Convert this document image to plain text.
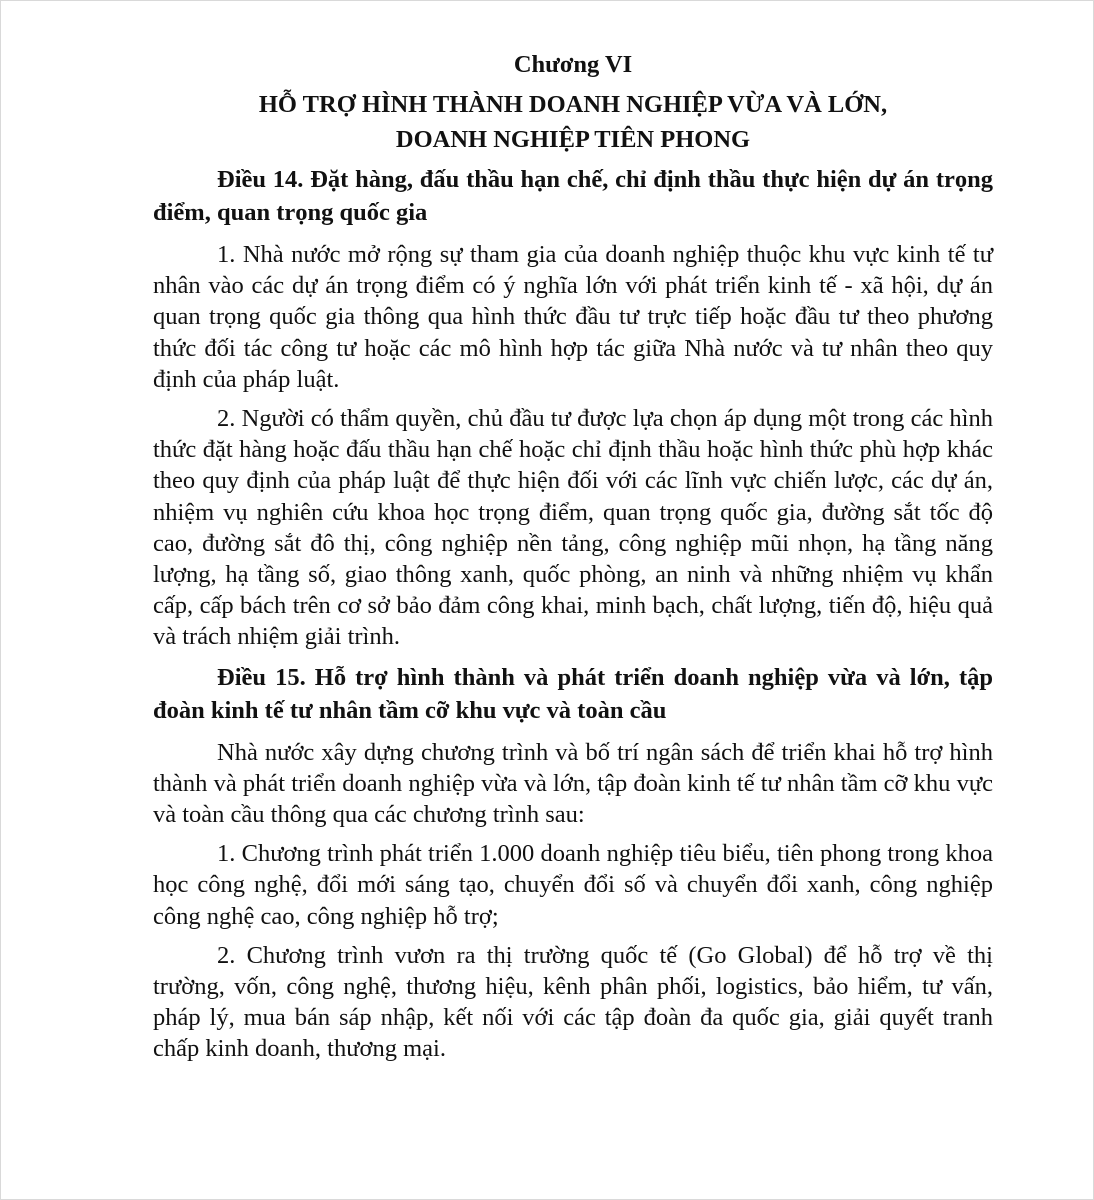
Chương VI

HỖ TRỢ HÌNH THÀNH DOANH NGHIỆP VỪA VÀ LỚN,
DOANH NGHIỆP TIÊN PHONG

Điều 14. Đặt hàng, đấu thầu hạn chế, chỉ định thầu thực hiện dự án trọng điểm, quan trọng quốc gia

1. Nhà nước mở rộng sự tham gia của doanh nghiệp thuộc khu vực kinh tế tư nhân vào các dự án trọng điểm có ý nghĩa lớn với phát triển kinh tế - xã hội, dự án quan trọng quốc gia thông qua hình thức đầu tư trực tiếp hoặc đầu tư theo phương thức đối tác công tư hoặc các mô hình hợp tác giữa Nhà nước và tư nhân theo quy định của pháp luật.

2. Người có thẩm quyền, chủ đầu tư được lựa chọn áp dụng một trong các hình thức đặt hàng hoặc đấu thầu hạn chế hoặc chỉ định thầu hoặc hình thức phù hợp khác theo quy định của pháp luật để thực hiện đối với các lĩnh vực chiến lược, các dự án, nhiệm vụ nghiên cứu khoa học trọng điểm, quan trọng quốc gia, đường sắt tốc độ cao, đường sắt đô thị, công nghiệp nền tảng, công nghiệp mũi nhọn, hạ tầng năng lượng, hạ tầng số, giao thông xanh, quốc phòng, an ninh và những nhiệm vụ khẩn cấp, cấp bách trên cơ sở bảo đảm công khai, minh bạch, chất lượng, tiến độ, hiệu quả và trách nhiệm giải trình.

Điều 15. Hỗ trợ hình thành và phát triển doanh nghiệp vừa và lớn, tập đoàn kinh tế tư nhân tầm cỡ khu vực và toàn cầu

Nhà nước xây dựng chương trình và bố trí ngân sách để triển khai hỗ trợ hình thành và phát triển doanh nghiệp vừa và lớn, tập đoàn kinh tế tư nhân tầm cỡ khu vực và toàn cầu thông qua các chương trình sau:

1. Chương trình phát triển 1.000 doanh nghiệp tiêu biểu, tiên phong trong khoa học công nghệ, đổi mới sáng tạo, chuyển đổi số và chuyển đổi xanh, công nghiệp công nghệ cao, công nghiệp hỗ trợ;

2. Chương trình vươn ra thị trường quốc tế (Go Global) để hỗ trợ về thị trường, vốn, công nghệ, thương hiệu, kênh phân phối, logistics, bảo hiểm, tư vấn, pháp lý, mua bán sáp nhập, kết nối với các tập đoàn đa quốc gia, giải quyết tranh chấp kinh doanh, thương mại.
